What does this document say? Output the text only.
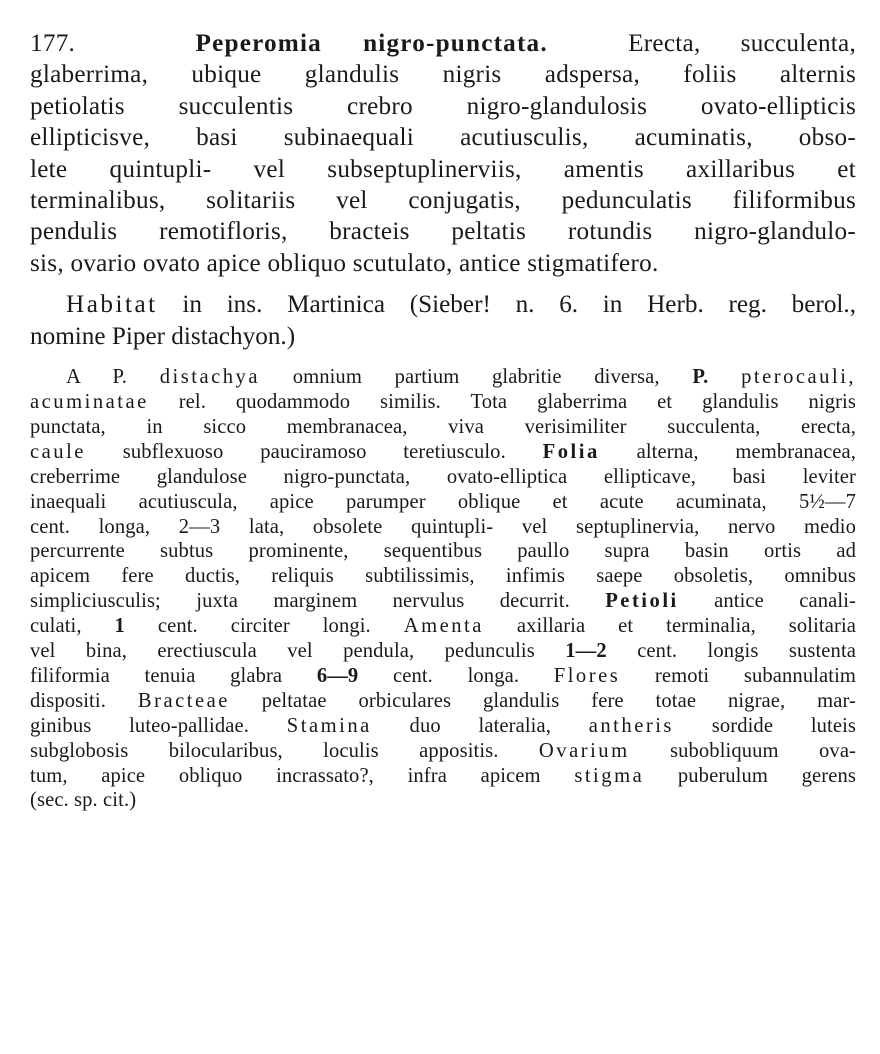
177.	Peperomia nigro-punctata.	Erecta, succulenta,
glaberrima, ubique glandulis nigris adspersa, foliis alternis
petiolatis succulentis crebro nigro-glandulosis ovato-ellipticis
ellipticisve, basi subinaequali acutiusculis, acuminatis, obso-
lete quintupli- vel subseptuplinerviis, amentis axillaribus et
terminalibus, solitariis vel conjugatis, pedunculatis filiformibus
pendulis remotifloris, bracteis peltatis rotundis nigro-glandulo-
sis, ovario ovato apice obliquo scutulato, antice stigmatifero.
Habitat in ins. Martinica (Sieber! n. 6. in Herb. reg. berol.,
nomine Piper distachyon.)
A P. distachya omnium partium glabritie diversa, P. pterocauli,
acuminatae rel. quodammodo similis. Tota glaberrima et glandulis nigris
punctata, in sicco membranacea, viva verisimiliter succulenta, erecta,
caule subflexuoso pauciramoso teretiusculo. Folia alterna, membranacea,
creberrime glandulose nigro-punctata, ovato-elliptica ellipticave, basi leviter
inaequali acutiuscula, apice parumper oblique et acute acuminata, 5½—7
cent. longa, 2—3 lata, obsolete quintupli- vel septuplinervia, nervo medio
percurrente subtus prominente, sequentibus paullo supra basin ortis ad
apicem fere ductis, reliquis subtilissimis, infimis saepe obsoletis, omnibus
simpliciusculis; juxta marginem nervulus decurrit. Petioli antice canali-
culati, 1 cent. circiter longi. Amenta axillaria et terminalia, solitaria
vel bina, erectiuscula vel pendula, pedunculis 1—2 cent. longis sustenta
filiformia tenuia glabra 6—9 cent. longa. Flores remoti subannulatim
dispositi. Bracteae peltatae orbiculares glandulis fere totae nigrae, mar-
ginibus luteo-pallidae. Stamina duo lateralia, antheris sordide luteis
subglobosis bilocularibus, loculis appositis. Ovarium subobliquum ova-
tum, apice obliquo incrassato?, infra apicem stigma puberulum gerens
(sec. sp. cit.)
